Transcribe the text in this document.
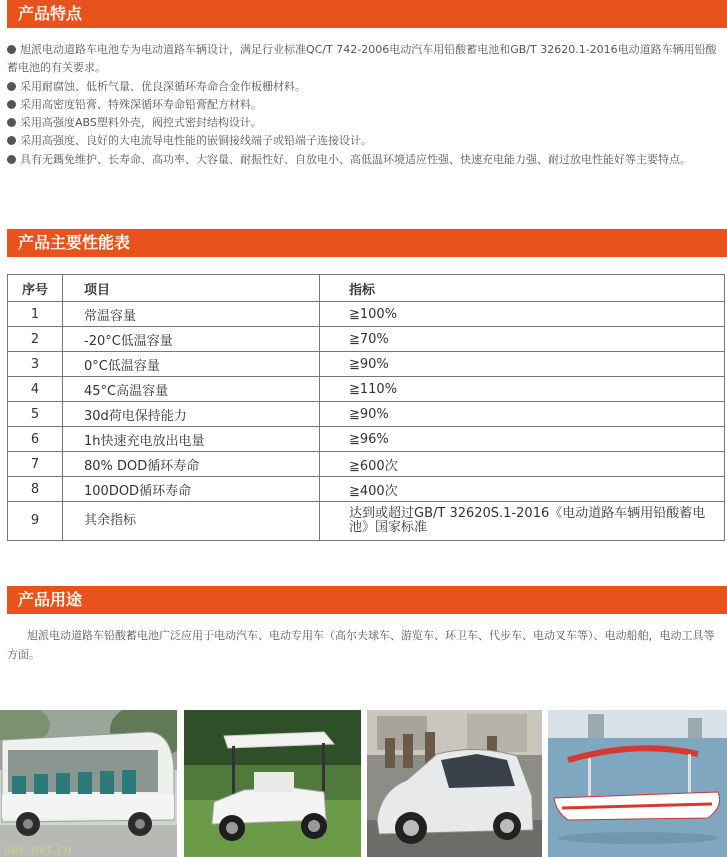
产品特点
旭派电动道路车电池专为电动道路车辆设计，满足行业标准QC/T 742-2006电动汽车用铅酸蓄电池和GB/T 32620.1-2016电动道路车辆用铅酸蓄电池的有关要求。
采用耐腐蚀、低析气量、优良深循环寿命合金作板栅材料。
采用高密度铅膏、特殊深循环寿命铅膏配方材料。
采用高强度ABS塑料外壳，阀控式密封结构设计。
采用高强度、良好的大电流导电性能的嵌铜接线端子或铅端子连接设计。
具有无鎷免维护、长寿命、高功率、大容量、耐振性好、自放电小、高低温环境适应性强、快速充电能力强、耐过放电性能好等主要特点。
产品主要性能表
序号	项目	指标
1	常温容量	≧100%
2	-20°C低温容量	≧70%
3	0°C低温容量	≧90%
4	45°C高温容量	≧110%
5	30d荷电保持能力	≧90%
6	1h快速充电放出电量	≧96%
7	80% DOD循环寿命	≧600次
8	100DOD循环寿命	≧400次
9	其余指标	达到或超过GB/T 32620S.1-2016《电动道路车辆用铅酸蓄电池》国家标准
产品用途
旭派电动道路车铅酸蓄电池广泛应用于电动汽车、电动专用车（高尔夫球车、游览车、环卫车、代步车、电动叉车等）、电动船舶，电动工具等方面。
ddc.net.cn
